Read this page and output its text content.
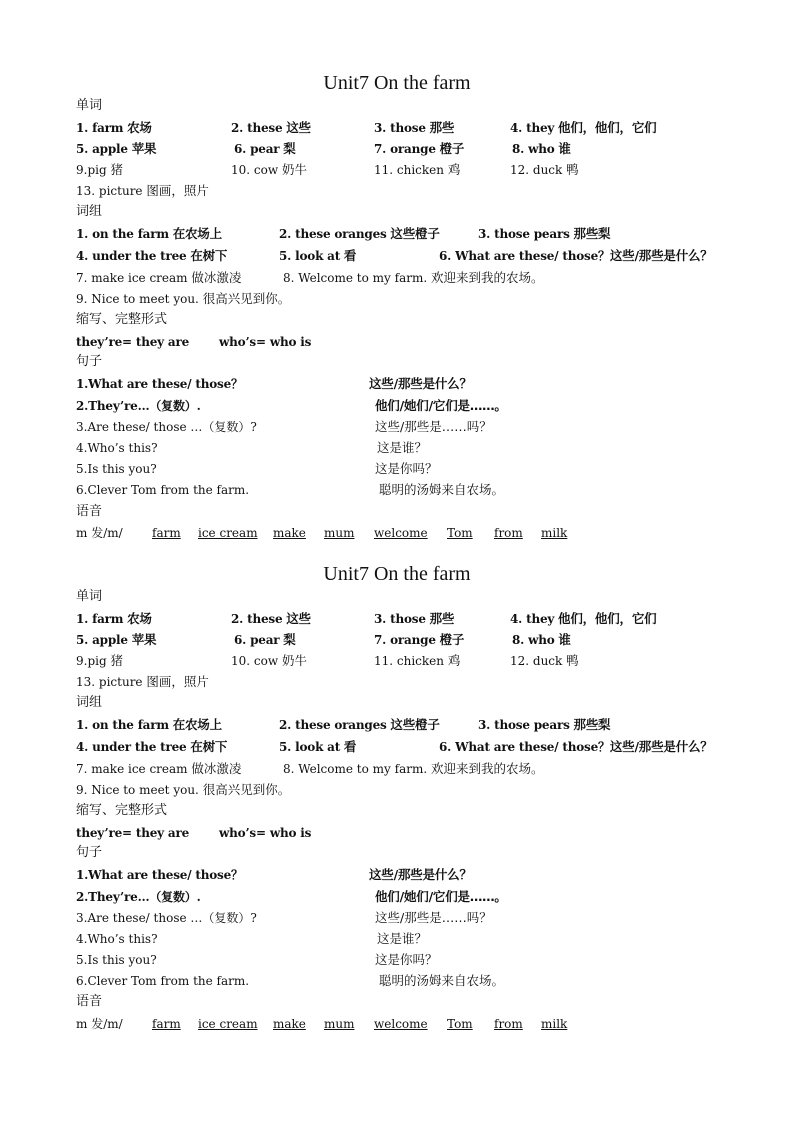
Unit7 On the farm
单词
1. farm 农场	2. these 这些	3. those 那些	4. they 他们，他们，它们
5. apple 苹果	6. pear 梨	7. orange 橙子	8. who 谁
9.pig 猪	10. cow 奶牛	11. chicken 鸡	12. duck 鸭
13. picture 图画，照片
词组
1. on the farm 在农场上	2. these oranges 这些橙子	3. those pears 那些梨
4. under the tree 在树下	5. look at 看	6. What are these/ those？这些/那些是什么？
7. make ice cream 做冰激凌	8. Welcome to my farm. 欢迎来到我的农场。
9. Nice to meet you. 很高兴见到你。
缩写、完整形式
they’re= they are who’s= who is
句子
1.What are these/ those？	这些/那些是什么？
2.They’re…（复数）.	他们/她们/它们是……。
3.Are these/ those …（复数）?	这些/那些是……吗？
4.Who’s this?	这是谁？
5.Is this you?	这是你吗？
6.Clever Tom from the farm.	聪明的汤姆来自农场。
语音
m 发/m/ farm ice cream make mum welcome Tom from milk
Unit7 On the farm
单词
1. farm 农场	2. these 这些	3. those 那些	4. they 他们，他们，它们
5. apple 苹果	6. pear 梨	7. orange 橙子	8. who 谁
9.pig 猪	10. cow 奶牛	11. chicken 鸡	12. duck 鸭
13. picture 图画，照片
词组
1. on the farm 在农场上	2. these oranges 这些橙子	3. those pears 那些梨
4. under the tree 在树下	5. look at 看	6. What are these/ those？这些/那些是什么？
7. make ice cream 做冰激凌	8. Welcome to my farm. 欢迎来到我的农场。
9. Nice to meet you. 很高兴见到你。
缩写、完整形式
they’re= they are who’s= who is
句子
1.What are these/ those？	这些/那些是什么？
2.They’re…（复数）.	他们/她们/它们是……。
3.Are these/ those …（复数）?	这些/那些是……吗？
4.Who’s this?	这是谁？
5.Is this you?	这是你吗？
6.Clever Tom from the farm.	聪明的汤姆来自农场。
语音
m 发/m/ farm ice cream make mum welcome Tom from milk
